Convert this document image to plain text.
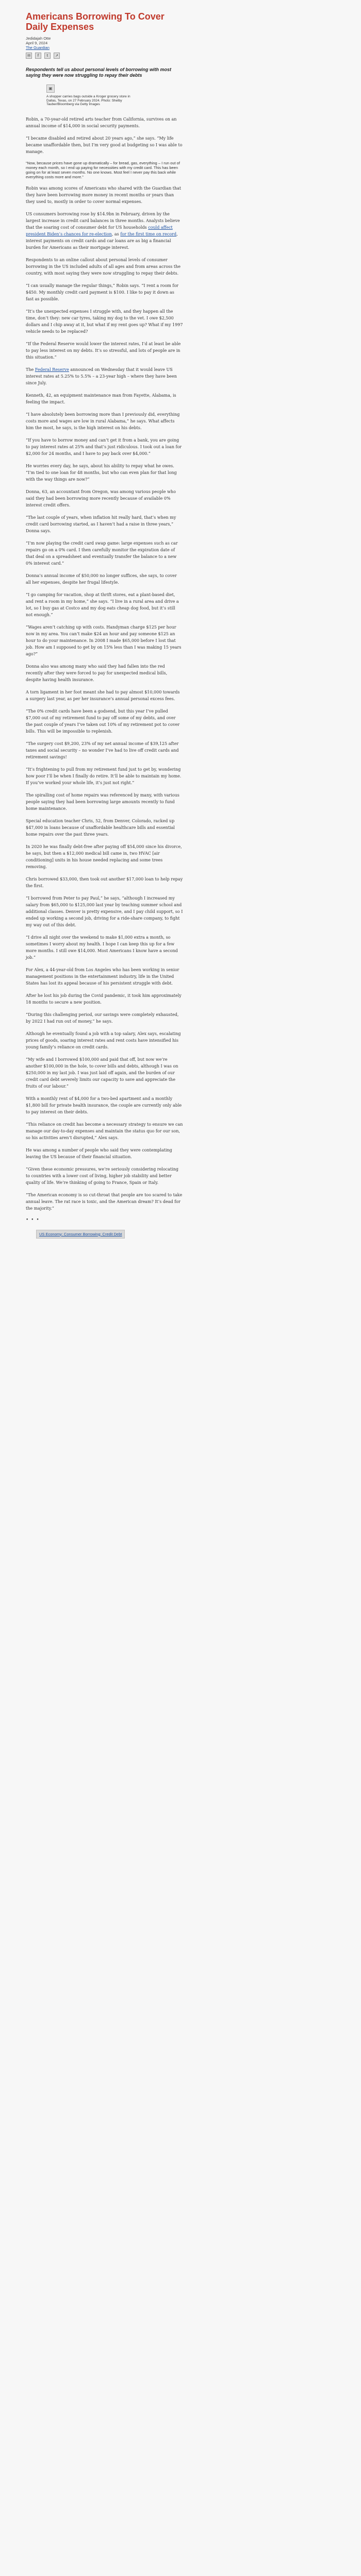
Americans Borrowing To Cover Daily Expenses
Jedidajah Otte
April 9, 2024
The Guardian
✉	f	t	↗
Respondents tell us about personal levels of borrowing with most saying they were now struggling to repay their debts
▣
A shopper carries bags outside a Kroger grocery store in Dallas, Texas, on 27 February 2024. Photo: Shelby Tauber/Bloomberg via Getty Images

Robin, a 70-year-old retired arts teacher from California, survives on an annual income of $14,000 in social security payments.

“I became disabled and retired about 20 years ago,” she says. “My life became unaffordable then, but I’m very good at budgeting so I was able to manage.

“Now, because prices have gone up dramatically – for bread, gas, everything – I run out of money each month, so I end up paying for necessities with my credit card. This has been going on for at least seven months. No one knows. Most feel I never pay this back while everything costs more and more.”

Robin was among scores of Americans who shared with the Guardian that they have been borrowing more money in recent months or years than they used to, mostly in order to cover normal expenses.

US consumers borrowing rose by $14.9bn in February, driven by the largest increase in credit card balances in three months. Analysts believe that the soaring cost of consumer debt for US households could affect president Biden’s chances for re-election, as for the first time on record, interest payments on credit cards and car loans are as big a financial burden for Americans as their mortgage interest.

Respondents to an online callout about personal levels of consumer borrowing in the US included adults of all ages and from areas across the country, with most saying they were now struggling to repay their debts.

“I can usually manage the regular things,” Robin says. “I rent a room for $450. My monthly credit card payment is $100. I like to pay it down as fast as possible.

“It’s the unexpected expenses I struggle with, and they happen all the time, don’t they: new car tyres, taking my dog to the vet. I owe $2,500 dollars and I chip away at it, but what if my rent goes up? What if my 1997 vehicle needs to be replaced?

“If the Federal Reserve would lower the interest rates, I’d at least be able to pay less interest on my debts. It’s so stressful, and lots of people are in this situation.”

The Federal Reserve announced on Wednesday that it would leave US interest rates at 5.25% to 5.5% – a 23-year high – where they have been since July.

Kenneth, 42, an equipment maintenance man from Fayette, Alabama, is feeling the impact.

“I have absolutely been borrowing more than I previously did, everything costs more and wages are low in rural Alabama,” he says. What affects him the most, he says, is the high interest on his debts.

“If you have to borrow money and can’t get it from a bank, you are going to pay interest rates at 25% and that’s just ridiculous. I took out a loan for $2,000 for 24 months, and I have to pay back over $4,000.”

He worries every day, he says, about his ability to repay what he owes. “I’m tied to one loan for 48 months, but who can even plan for that long with the way things are now?”

Donna, 63, an accountant from Oregon, was among various people who said they had been borrowing more recently because of available 0% interest credit offers.

“The last couple of years, when inflation hit really hard, that’s when my credit card borrowing started, as I haven’t had a raise in three years,” Donna says.

“I’m now playing the credit card swap game: large expenses such as car repairs go on a 0% card. I then carefully monitor the expiration date of that deal on a spreadsheet and eventually transfer the balance to a new 0% interest card.”

Donna’s annual income of $50,000 no longer suffices, she says, to cover all her expenses, despite her frugal lifestyle.

“I go camping for vacation, shop at thrift stores, eat a plant-based diet, and rent a room in my home,” she says. “I live in a rural area and drive a lot, so I buy gas at Costco and my dog eats cheap dog food, but it’s still not enough.”

“Wages aren’t catching up with costs. Handyman charge $125 per hour now in my area. You can’t make $24 an hour and pay someone $125 an hour to do your maintenance. In 2008 I made $65,000 before I lost that job. How am I supposed to get by on 15% less than I was making 15 years ago?”

Donna also was among many who said they had fallen into the red recently after they were forced to pay for unexpected medical bills, despite having health insurance.

A torn ligament in her foot meant she had to pay almost $10,000 towards a surgery last year, as per her insurance’s annual personal excess fees.

“The 0% credit cards have been a godsend, but this year I’ve pulled $7,000 out of my retirement fund to pay off some of my debts, and over the past couple of years I’ve taken out 10% of my retirement pot to cover bills. This will be impossible to replenish.

“The surgery cost $9,200, 23% of my net annual income of $39,125 after taxes and social security – no wonder I’ve had to live off credit cards and retirement savings!

“It’s frightening to pull from my retirement fund just to get by, wondering how poor I’ll be when I finally do retire. It’ll be able to maintain my home. If you’ve worked your whole life, it’s just not right.”

The spiralling cost of home repairs was referenced by many, with various people saying they had been borrowing large amounts recently to fund home maintenance.

Special education teacher Chris, 52, from Denver, Colorado, racked up $47,000 in loans because of unaffordable healthcare bills and essential home repairs over the past three years.

In 2020 he was finally debt-free after paying off $54,000 since his divorce, he says, but then a $12,000 medical bill came in, two HVAC [air conditioning] units in his house needed replacing and some trees removing.

Chris borrowed $33,000, then took out another $17,000 loan to help repay the first.

“I borrowed from Peter to pay Paul,” he says, “although I increased my salary from $65,000 to $125,000 last year by teaching summer school and additional classes. Denver is pretty expensive, and I pay child support, so I ended up working a second job, driving for a ride-share company, to fight my way out of this debt.

“I drive all night over the weekend to make $1,000 extra a month, so sometimes I worry about my health. I hope I can keep this up for a few more months. I still owe $14,000. Most Americans I know have a second job.”

For Alex, a 44-year-old from Los Angeles who has been working in senior management positions in the entertainment industry, life in the United States has lost its appeal because of his persistent struggle with debt.

After he lost his job during the Covid pandemic, it took him approximately 18 months to secure a new position.

“During this challenging period, our savings were completely exhausted, by 2022 I had run out of money,” he says.

Although he eventually found a job with a top salary, Alex says, escalating prices of goods, soaring interest rates and rent costs have intensified his young family’s reliance on credit cards.

“My wife and I borrowed $100,000 and paid that off, but now we’re another $100,000 in the hole, to cover bills and debts, although I was on $250,000 in my last job. I was just laid off again, and the burden of our credit card debt severely limits our capacity to save and appreciate the fruits of our labour.”

With a monthly rent of $4,000 for a two-bed apartment and a monthly $1,800 bill for private health insurance, the couple are currently only able to pay interest on their debts.

“This reliance on credit has become a necessary strategy to ensure we can manage our day-to-day expenses and maintain the status quo for our son, so his activities aren’t disrupted,” Alex says.

He was among a number of people who said they were contemplating leaving the US because of their financial situation.

“Given these economic pressures, we’re seriously considering relocating to countries with a lower cost of living, higher job stability and better quality of life. We’re thinking of going to France, Spain or Italy.

“The American economy is so cut-throat that people are too scared to take annual leave. The rat race is toxic, and the American dream? It’s dead for the majority.”

• • •
US Economy: Consumer Borrowing: Credit Debt
